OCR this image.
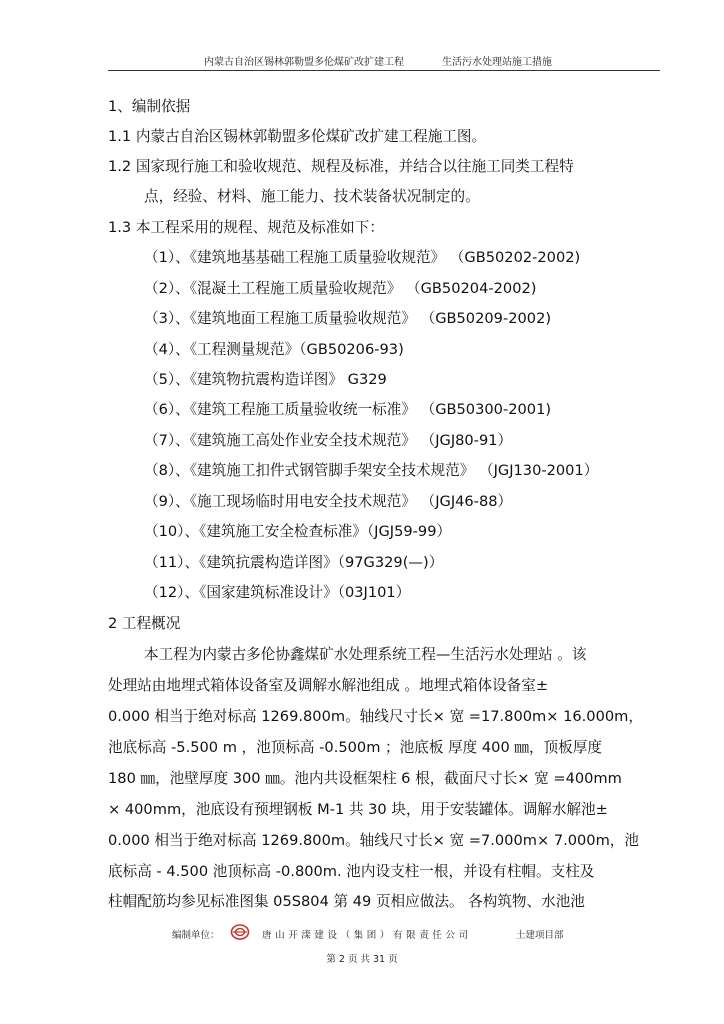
内蒙古自治区锡林郭勒盟多伦煤矿改扩建工程	生活污水处理站施工措施
1、编制依据
1.1 内蒙古自治区锡林郭勒盟多伦煤矿改扩建工程施工图。
1.2 国家现行施工和验收规范、规程及标准，并结合以往施工同类工程特
点，经验、材料、施工能力、技术装备状况制定的。
1.3 本工程采用的规程、规范及标准如下：
（1）、《建筑地基基础工程施工质量验收规范》 （GB50202-2002)
（2）、《混凝土工程施工质量验收规范》 （GB50204-2002)
（3）、《建筑地面工程施工质量验收规范》 （GB50209-2002)
（4）、《工程测量规范》（GB50206-93)
（5）、《建筑物抗震构造详图》 G329
（6）、《建筑工程施工质量验收统一标准》 （GB50300-2001)
（7）、《建筑施工高处作业安全技术规范》 （JGJ80-91）
（8）、《建筑施工扣件式钢管脚手架安全技术规范》 （JGJ130-2001）
（9）、《施工现场临时用电安全技术规范》 （JGJ46-88）
（10）、《建筑施工安全检查标准》（JGJ59-99）
（11）、《建筑抗震构造详图》（97G329(—)）
（12）、《国家建筑标准设计》（03J101）
2 工程概况
本工程为内蒙古多伦协鑫煤矿水处理系统工程—生活污水处理站 。该
处理站由地埋式箱体设备室及调解水解池组成 。地埋式箱体设备室±
0.000 相当于绝对标高 1269.800m。轴线尺寸长× 宽 =17.800m× 16.000m，
池底标高 -5.500 m ，池顶标高 -0.500m ；池底板 厚度 400 ㎜，顶板厚度
180 ㎜，池壁厚度 300 ㎜。池内共设框架柱 6 根，截面尺寸长× 宽 =400mm
× 400mm，池底设有预埋钢板 M-1 共 30 块，用于安装罐体。调解水解池±
0.000 相当于绝对标高 1269.800m。轴线尺寸长× 宽 =7.000m× 7.000m，池
底标高 - 4.500 池顶标高 -0.800m. 池内设支柱一根，并设有柱帽。支柱及
柱帽配筋均参见标准图集 05S804 第 49 页相应做法。 各构筑物、水池池
编制单位：	唐山开滦建设（集团）有限责任公司	土建项目部
第 2 页 共 31 页
